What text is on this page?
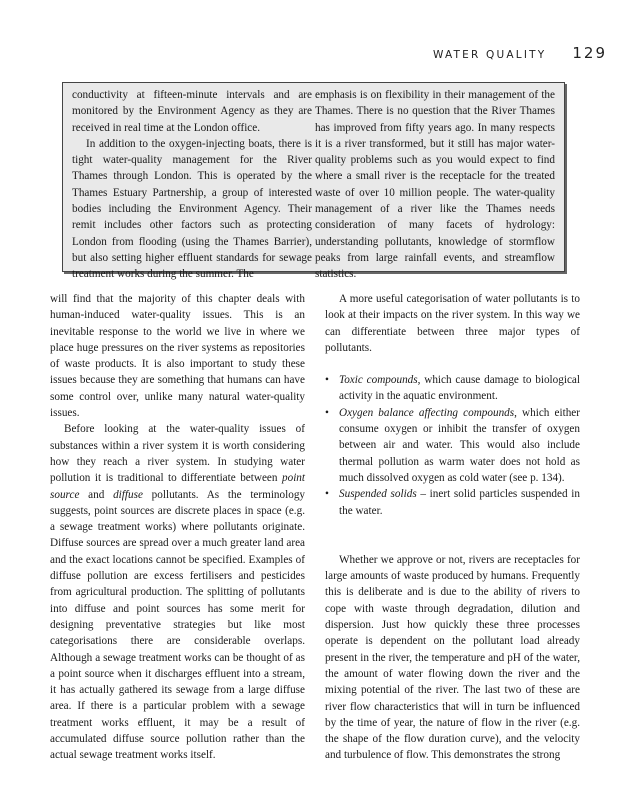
WATER QUALITY 129

conductivity at fifteen-minute intervals and are monitored by the Environment Agency as they are received in real time at the London office.

In addition to the oxygen-injecting boats, there is tight water-quality management for the River Thames through London. This is operated by the Thames Estuary Partnership, a group of interested bodies including the Environment Agency. Their remit includes other factors such as protecting London from flooding (using the Thames Barrier), but also setting higher effluent standards for sewage treatment works during the summer. The

emphasis is on flexibility in their management of the Thames. There is no question that the River Thames has improved from fifty years ago. In many respects it is a river transformed, but it still has major water-quality problems such as you would expect to find where a small river is the receptacle for the treated waste of over 10 million people. The water-quality management of a river like the Thames needs consideration of many facets of hydrology: understanding pollutants, knowledge of stormflow peaks from large rainfall events, and streamflow statistics.

will find that the majority of this chapter deals with human-induced water-quality issues. This is an inevitable response to the world we live in where we place huge pressures on the river systems as repositories of waste products. It is also important to study these issues because they are something that humans can have some control over, unlike many natural water-quality issues.

Before looking at the water-quality issues of substances within a river system it is worth considering how they reach a river system. In studying water pollution it is traditional to differentiate between point source and diffuse pollutants. As the terminology suggests, point sources are discrete places in space (e.g. a sewage treatment works) where pollutants originate. Diffuse sources are spread over a much greater land area and the exact locations cannot be specified. Examples of diffuse pollution are excess fertilisers and pesticides from agricultural production. The splitting of pollutants into diffuse and point sources has some merit for designing preventative strategies but like most categorisations there are considerable overlaps. Although a sewage treatment works can be thought of as a point source when it discharges effluent into a stream, it has actually gathered its sewage from a large diffuse area. If there is a particular problem with a sewage treatment works effluent, it may be a result of accumulated diffuse source pollution rather than the actual sewage treatment works itself.

A more useful categorisation of water pollutants is to look at their impacts on the river system. In this way we can differentiate between three major types of pollutants.

• Toxic compounds, which cause damage to biological activity in the aquatic environment.
• Oxygen balance affecting compounds, which either consume oxygen or inhibit the transfer of oxygen between air and water. This would also include thermal pollution as warm water does not hold as much dissolved oxygen as cold water (see p. 134).
• Suspended solids – inert solid particles suspended in the water.

Whether we approve or not, rivers are receptacles for large amounts of waste produced by humans. Frequently this is deliberate and is due to the ability of rivers to cope with waste through degradation, dilution and dispersion. Just how quickly these three processes operate is dependent on the pollutant load already present in the river, the temperature and pH of the water, the amount of water flowing down the river and the mixing potential of the river. The last two of these are river flow characteristics that will in turn be influenced by the time of year, the nature of flow in the river (e.g. the shape of the flow duration curve), and the velocity and turbulence of flow. This demonstrates the strong
